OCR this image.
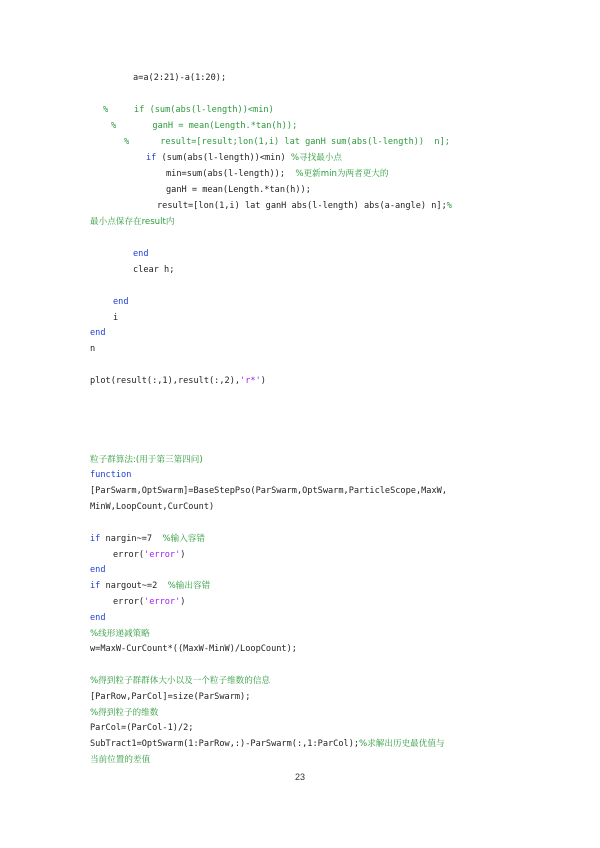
a=a(2:21)-a(1:20);
%     if (sum(abs(l-length))<min)
%       ganH = mean(Length.*tan(h));
%      result=[result;lon(1,i) lat ganH sum(abs(l-length))  n];
if (sum(abs(l-length))<min) %寻找最小点
min=sum(abs(l-length));  %更新min为两者更大的
ganH = mean(Length.*tan(h));
result=[lon(1,i) lat ganH abs(l-length) abs(a-angle) n];%
最小点保存在result内
end
clear h;
end
i
end
n
plot(result(:,1),result(:,2),'r*')
粒子群算法:(用于第三第四问)
function
[ParSwarm,OptSwarm]=BaseStepPso(ParSwarm,OptSwarm,ParticleScope,MaxW,
MinW,LoopCount,CurCount)
if nargin~=7  %输入容错
error('error')
end
if nargout~=2  %输出容错
error('error')
end
%线形递减策略
w=MaxW-CurCount*((MaxW-MinW)/LoopCount);
%得到粒子群群体大小以及一个粒子维数的信息
[ParRow,ParCol]=size(ParSwarm);
%得到粒子的维数
ParCol=(ParCol-1)/2;
SubTract1=OptSwarm(1:ParRow,:)-ParSwarm(:,1:ParCol);%求解出历史最优值与
当前位置的差值
23
